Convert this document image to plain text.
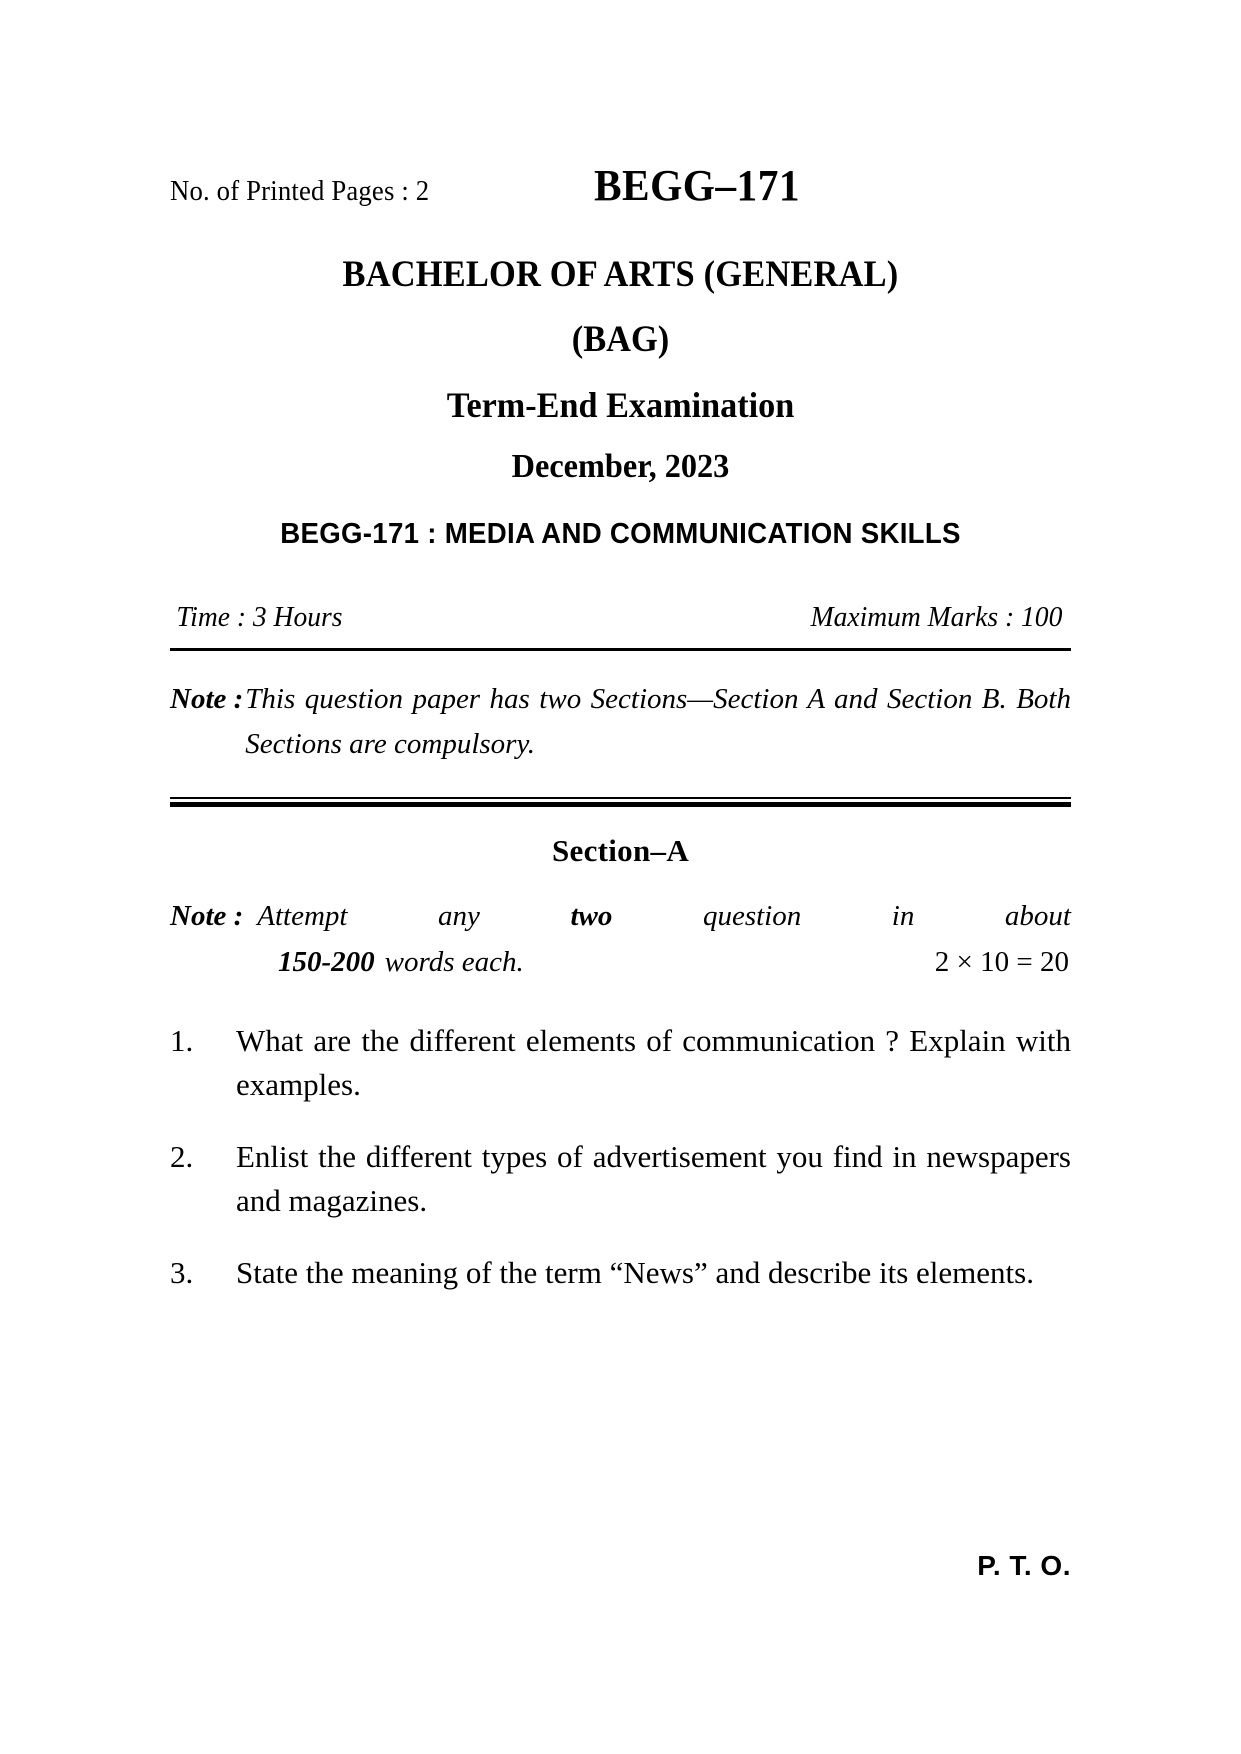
No. of Printed Pages : 2	BEGG–171
BACHELOR OF ARTS (GENERAL)
(BAG)
Term-End Examination
December, 2023
BEGG-171 : MEDIA AND COMMUNICATION SKILLS
Time : 3 Hours	Maximum Marks : 100
Note : This question paper has two Sections—Section A and Section B. Both Sections are compulsory.
Section–A
Note : Attempt	any	two	question	in	about
150-200 words each.	2 × 10 = 20
1.	What are the different elements of communication ? Explain with examples.
2.	Enlist the different types of advertisement you find in newspapers and magazines.
3.	State the meaning of the term “News” and describe its elements.
P. T. O.
